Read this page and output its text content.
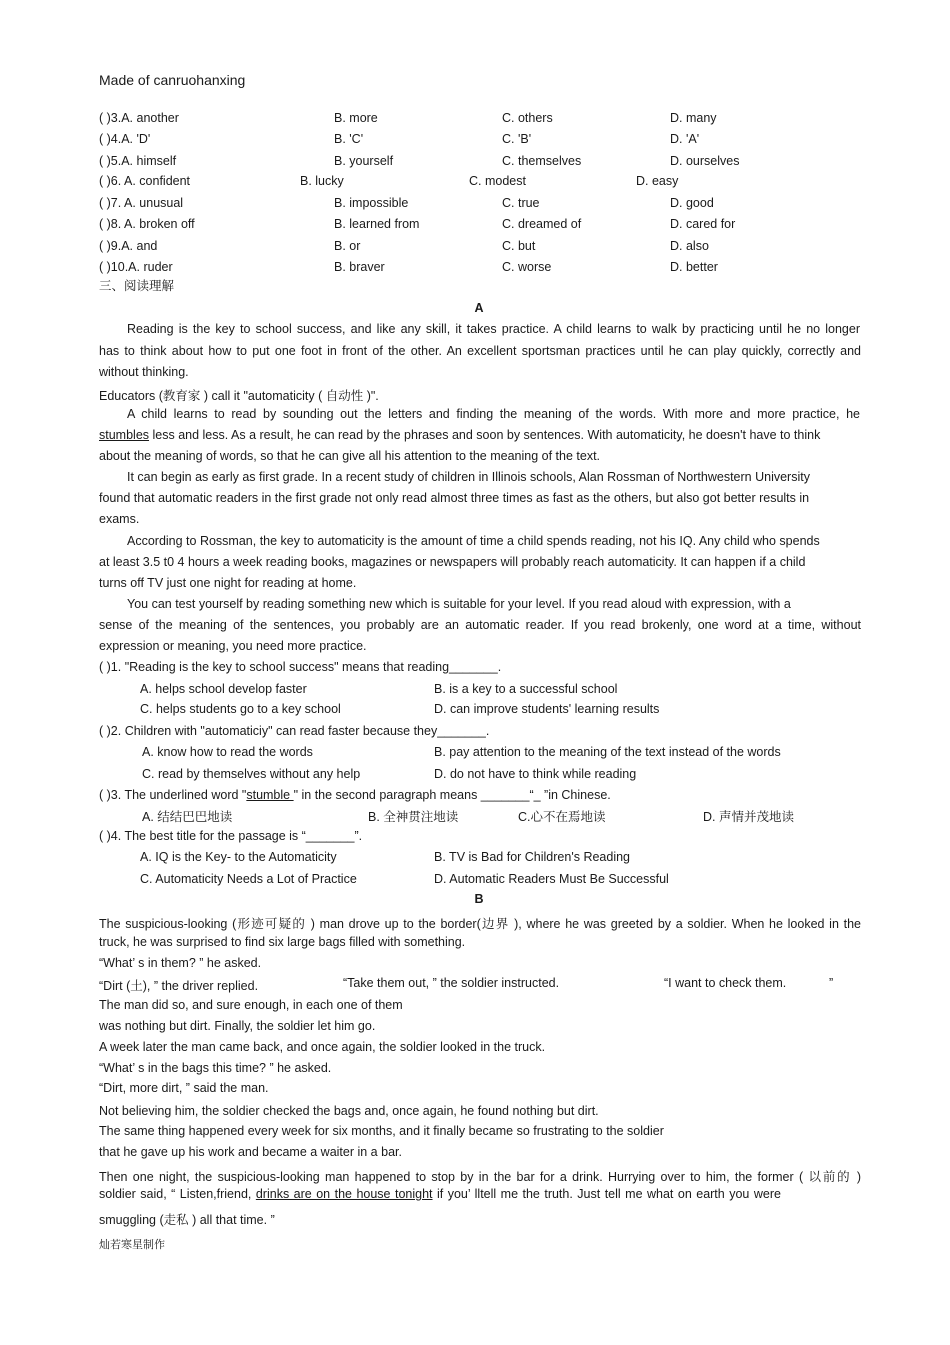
Made of canruohanxing
( )3.A. another	B. more	C. others	D. many
( )4.A. 'D'	B. 'C'	C. 'B'	D. 'A'
( )5.A. himself	B. yourself	C. themselves	D. ourselves
( )6. A. confident	B. lucky	C. modest	D. easy
( )7. A. unusual	B. impossible	C. true	D. good
( )8. A. broken off	B. learned from	C. dreamed of	D. cared for
( )9.A. and	B. or	C. but	D. also
( )10.A. ruder	B. braver	C. worse	D. better
三、阅读理解
A
Reading is the key to school success, and like any skill, it takes practice. A child learns to walk by practicing until he no longer
has to think about how to put one foot in front of the other. An excellent sportsman practices until he can play quickly, correctly and
without thinking.
Educators (教育家 ) call it "automaticity ( 自动性 )".
A child learns to read by sounding out the letters and finding the meaning of the words. With more and more practice, he
stumbles less and less. As a result, he can read by the phrases and soon by sentences. With automaticity, he doesn't have to think
about the meaning of words, so that he can give all his attention to the meaning of the text.
It can begin as early as first grade. In a recent study of children in Illinois schools, Alan Rossman of Northwestern University
found that automatic readers in the first grade not only read almost three times as fast as the others, but also got better results in
exams.
According to Rossman, the key to automaticity is the amount of time a child spends reading, not his IQ. Any child who spends
at least 3.5 t0 4 hours a week reading books, magazines or newspapers will probably reach automaticity. It can happen if a child
turns off TV just one night for reading at home.
You can test yourself by reading something new which is suitable for your level. If you read aloud with expression, with a
sense of the meaning of the sentences, you probably are an automatic reader. If you read brokenly, one word at a time, without
expression or meaning, you need more practice.
( )1. "Reading is the key to school success" means that reading_______.
A. helps school develop faster	B. is a key to a successful school
C. helps students go to a key school	D. can improve students' learning results
( )2. Children with "automaticiy" can read faster because they_______.
A. know how to read the words	B. pay attention to the meaning of the text instead of the words
C. read by themselves without any help	D. do not have to think while reading
( )3. The underlined word "stumble " in the second paragraph means _______“_ ”in Chinese.
A. 结结巴巴地读	B. 全神贯注地读	C.心不在焉地读	D. 声情并茂地读
( )4. The best title for the passage is “_______”.
A. IQ is the Key- to the Automaticity	B. TV is Bad for Children's Reading
C. Automaticity Needs a Lot of Practice	D. Automatic Readers Must Be Successful
B
The suspicious-looking (形迹可疑的 ) man drove up to the border(边界 ), where he was greeted by a soldier. When he looked in the
truck, he was surprised to find six large bags filled with something.
“What’ s in them? ” he asked.
“Dirt (土), ” the driver replied.	“Take them out, ” the soldier instructed.	“I want to check them.	”
The man did so, and sure enough, in each one of them
was nothing but dirt. Finally, the soldier let him go.
A week later the man came back, and once again, the soldier looked in the truck.
“What’ s in the bags this time? ” he asked.
“Dirt, more dirt, ” said the man.
Not believing him, the soldier checked the bags and, once again, he found nothing but dirt.
The same thing happened every week for six months, and it finally became so frustrating to the soldier
that he gave up his work and became a waiter in a bar.
Then one night, the suspicious-looking man happened to stop by in the bar for a drink. Hurrying over to him, the former ( 以前的 )
soldier said, “ Listen,friend, drinks are on the house tonight if you’ lltell me the truth. Just tell me what on earth you were
smuggling (走私 ) all that time. ”
灿若寒星制作
